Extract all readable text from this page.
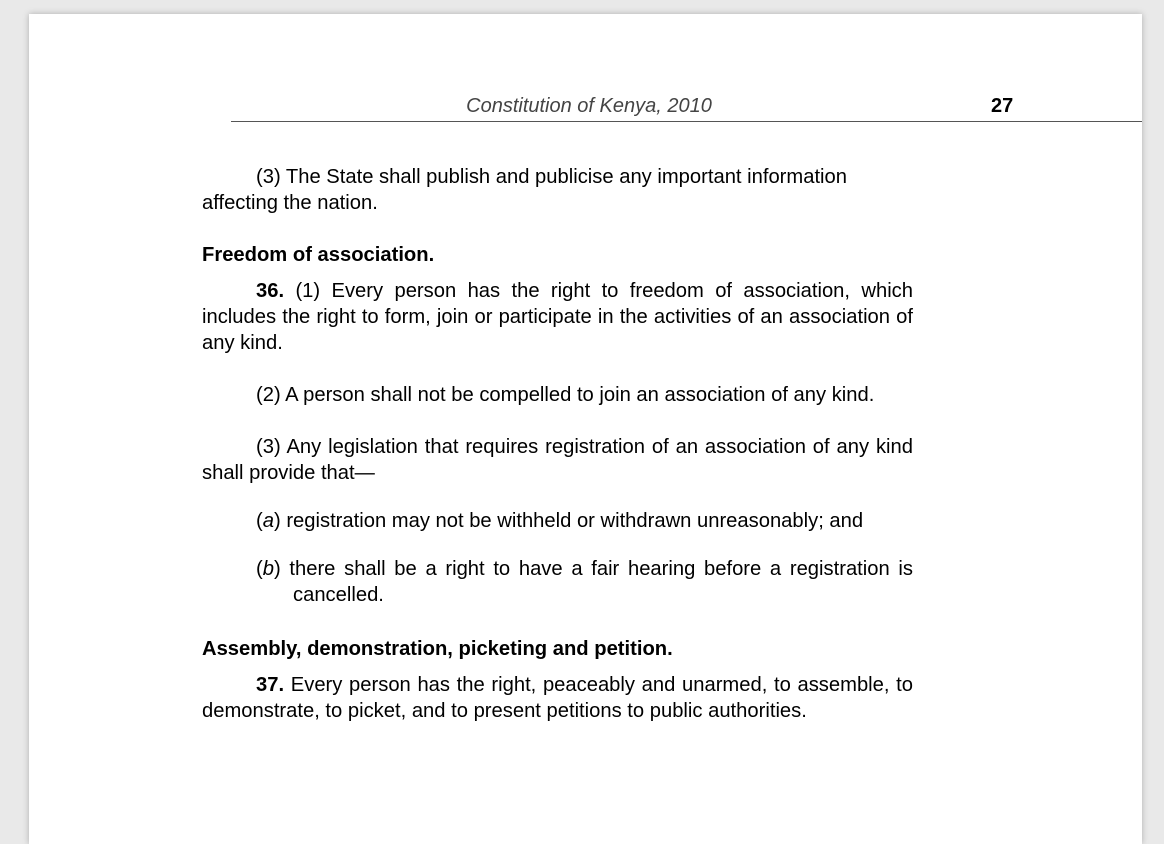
Constitution of Kenya, 2010	27

(3) The State shall publish and publicise any important information affecting the nation.

Freedom of association.

36. (1) Every person has the right to freedom of association, which includes the right to form, join or participate in the activities of an association of any kind.

(2) A person shall not be compelled to join an association of any kind.

(3) Any legislation that requires registration of an association of any kind shall provide that—

(a) registration may not be withheld or withdrawn unreasonably; and

(b) there shall be a right to have a fair hearing before a registration is cancelled.

Assembly, demonstration, picketing and petition.

37. Every person has the right, peaceably and unarmed, to assemble, to demonstrate, to picket, and to present petitions to public authorities.
